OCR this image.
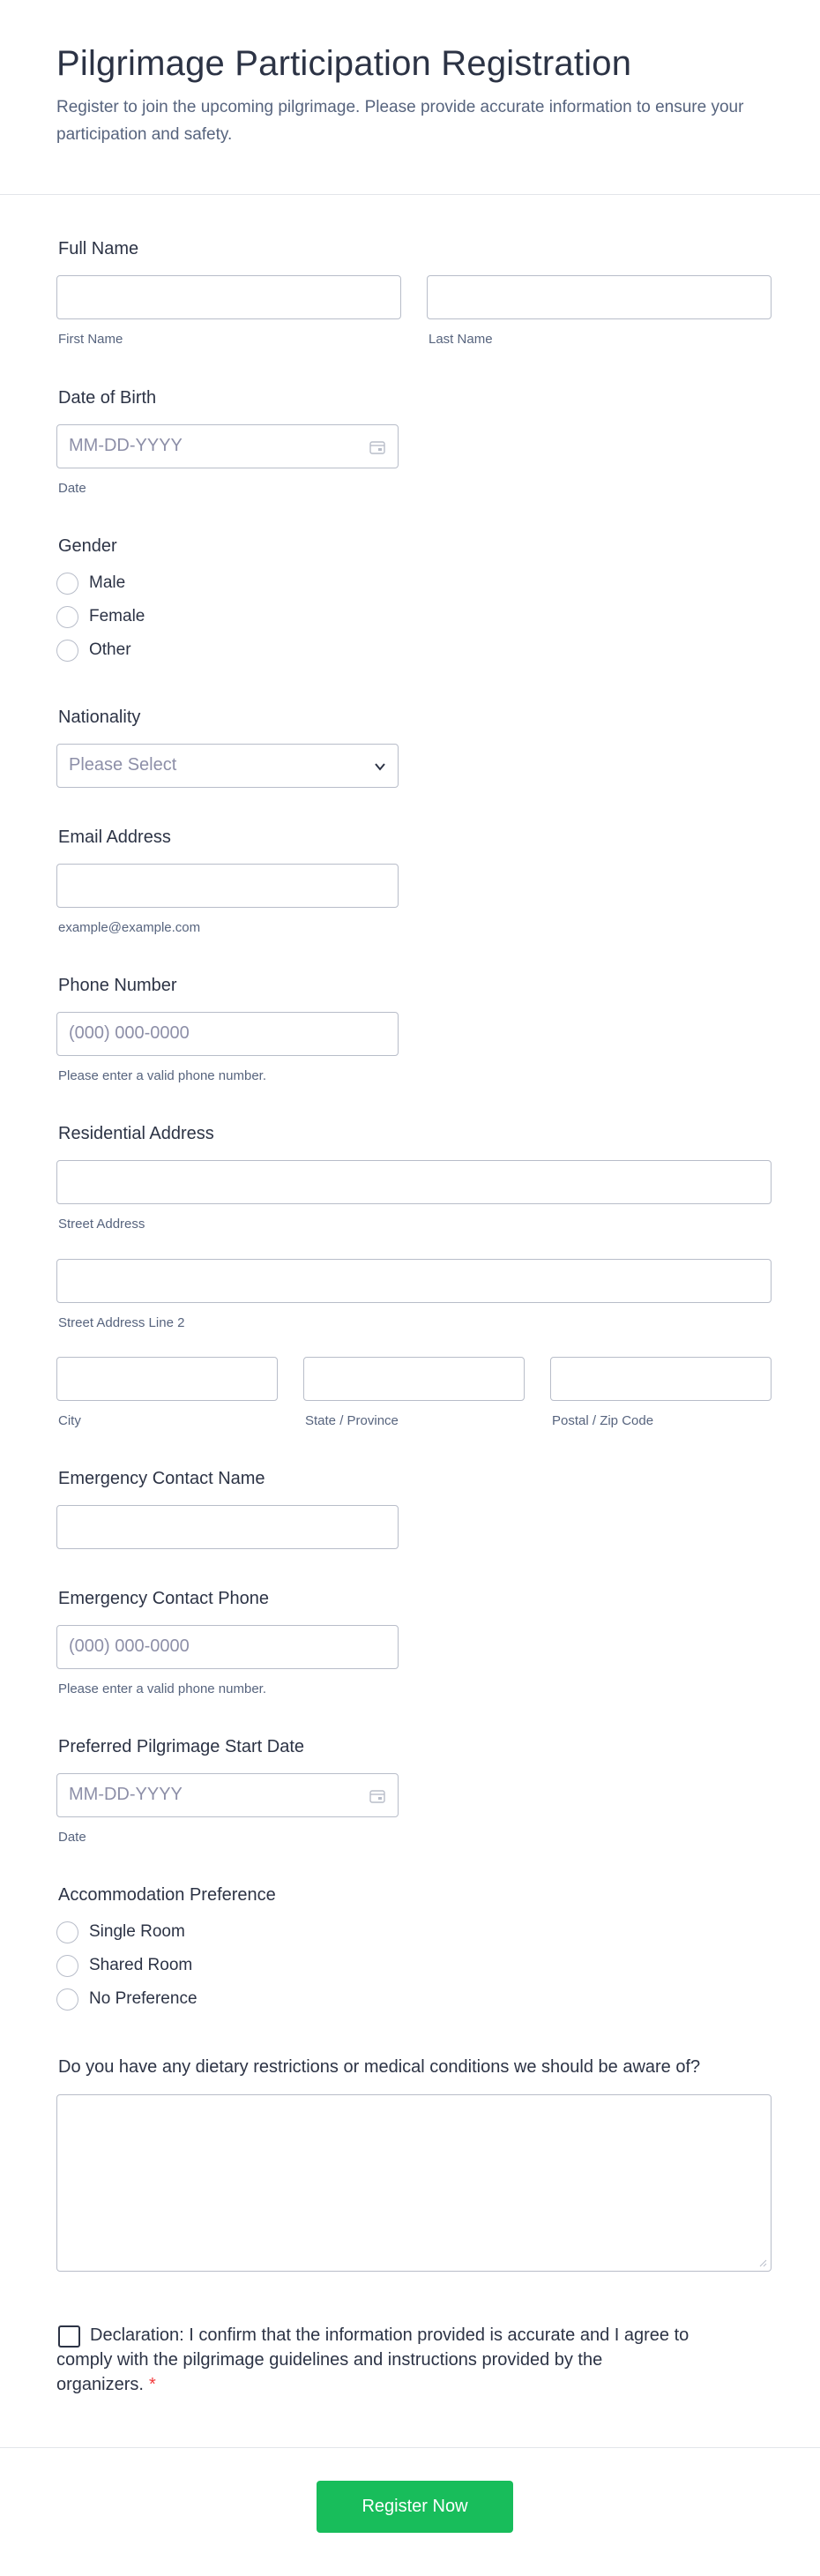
Pilgrimage Participation Registration

Register to join the upcoming pilgrimage. Please provide accurate information to ensure your participation and safety.

Full Name
First Name	Last Name
Date of Birth
MM-DD-YYYY
Date
Gender
Male
Female
Other
Nationality
Please Select
Email Address
example@example.com
Phone Number
(000) 000-0000
Please enter a valid phone number.
Residential Address
Street Address
Street Address Line 2
City	State / Province	Postal / Zip Code
Emergency Contact Name
Emergency Contact Phone
(000) 000-0000
Please enter a valid phone number.
Preferred Pilgrimage Start Date
MM-DD-YYYY
Date
Accommodation Preference
Single Room
Shared Room
No Preference
Do you have any dietary restrictions or medical conditions we should be aware of?

Declaration: I confirm that the information provided is accurate and I agree to comply with the pilgrimage guidelines and instructions provided by the organizers. *

Register Now
